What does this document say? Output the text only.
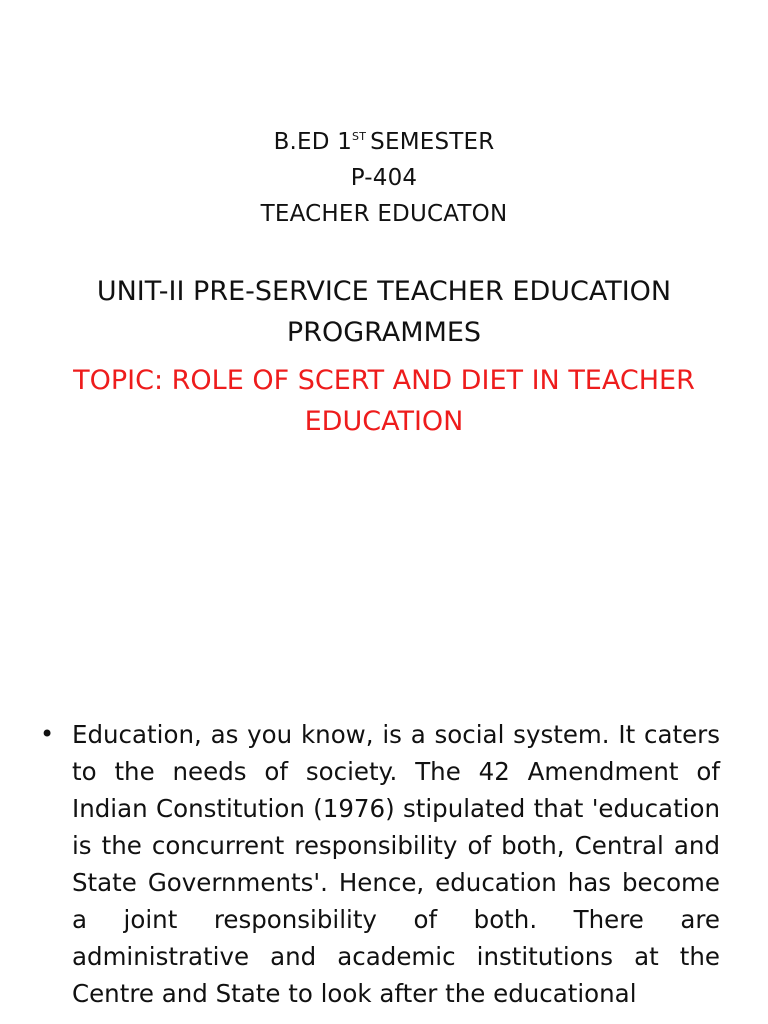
B.ED 1ST SEMESTER
P-404
TEACHER EDUCATON
UNIT-II PRE-SERVICE TEACHER EDUCATION PROGRAMMES
TOPIC: ROLE OF SCERT AND DIET IN TEACHER EDUCATION
• Education, as you know, is a social system. It caters to the needs of society. The 42 Amendment of Indian Constitution (1976) stipulated that 'education is the concurrent responsibility of both, Central and State Governments'. Hence, education has become a joint responsibility of both. There are administrative and academic institutions at the Centre and State to look after the educational
